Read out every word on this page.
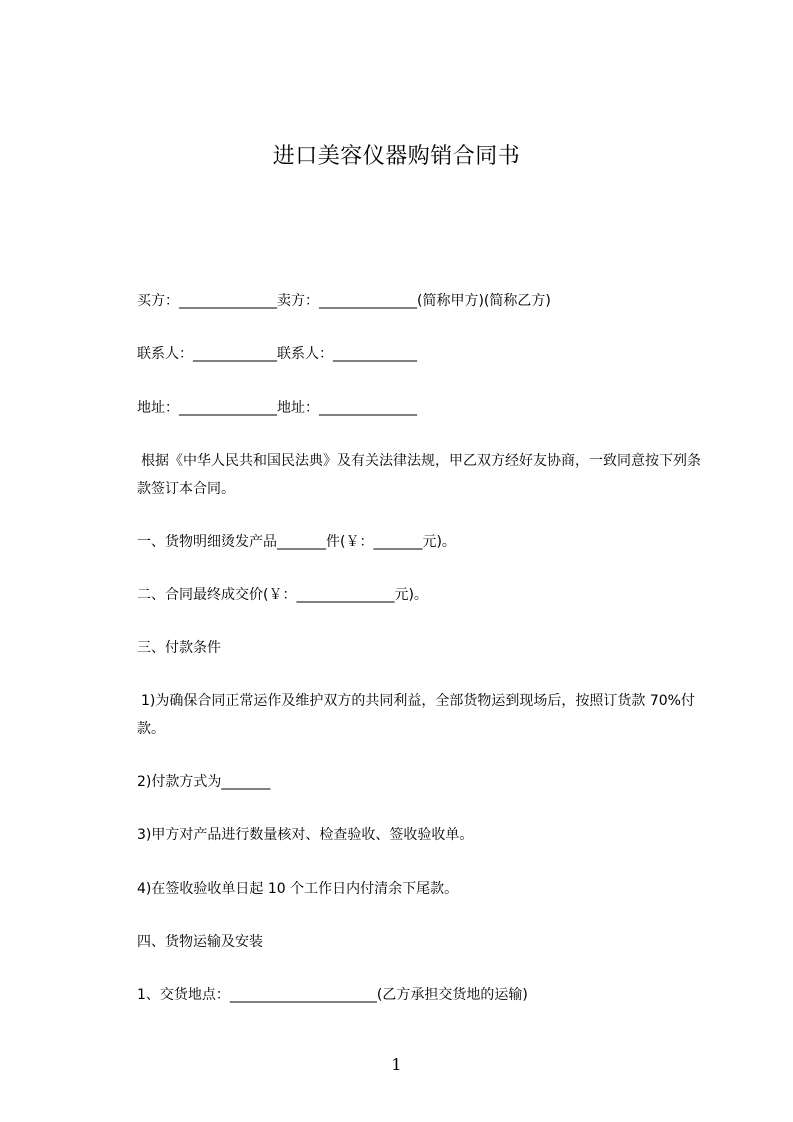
进口美容仪器购销合同书
买方：______________卖方：______________(简称甲方)(简称乙方)
联系人：____________联系人：____________
地址：______________地址：______________
根据《中华人民共和国民法典》及有关法律法规，甲乙双方经好友协商，一致同意按下列条款签订本合同。
一、货物明细烫发产品_______件(￥：_______元)。
二、合同最终成交价(￥：______________元)。
三、付款条件
1)为确保合同正常运作及维护双方的共同利益，全部货物运到现场后，按照订货款 70%付款。
2)付款方式为_______
3)甲方对产品进行数量核对、检查验收、签收验收单。
4)在签收验收单日起 10 个工作日内付清余下尾款。
四、货物运输及安装
1、交货地点：_____________________(乙方承担交货地的运输)
1
